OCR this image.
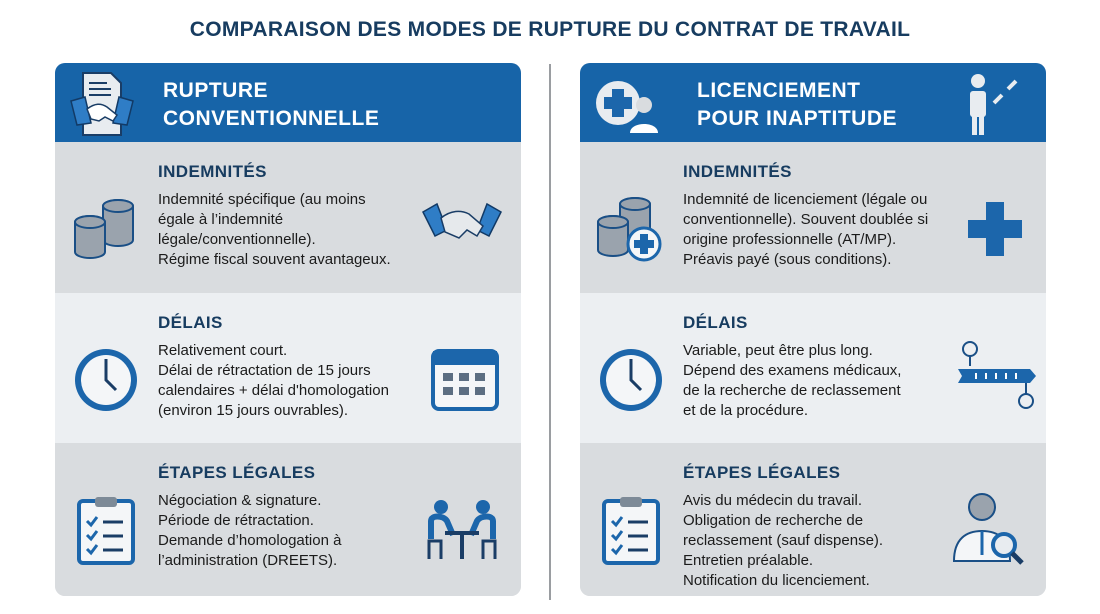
COMPARAISON DES MODES DE RUPTURE DU CONTRAT DE TRAVAIL
RUPTURE
CONVENTIONNELLE
INDEMNITÉS
Indemnité spécifique (au moins
égale à l’indemnité
légale/conventionnelle).
Régime fiscal souvent avantageux.
DÉLAIS
Relativement court.
Délai de rétractation de 15 jours
calendaires + délai d'homologation
(environ 15 jours ouvrables).
ÉTAPES LÉGALES
Négociation & signature.
Période de rétractation.
Demande d’homologation à
l’administration (DREETS).
LICENCIEMENT
POUR INAPTITUDE
INDEMNITÉS
Indemnité de licenciement (légale ou
conventionnelle). Souvent doublée si
origine professionnelle (AT/MP).
Préavis payé (sous conditions).
DÉLAIS
Variable, peut être plus long.
Dépend des examens médicaux,
de la recherche de reclassement
et de la procédure.
ÉTAPES LÉGALES
Avis du médecin du travail.
Obligation de recherche de
reclassement (sauf dispense).
Entretien préalable.
Notification du licenciement.
